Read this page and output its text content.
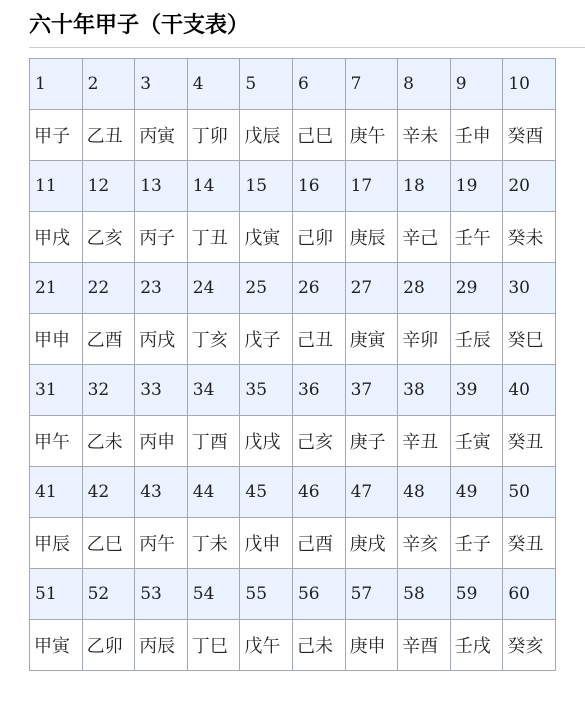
六十年甲子（干支表）
1	2	3	4	5	6	7	8	9	10
甲子	乙丑	丙寅	丁卯	戊辰	己巳	庚午	辛未	壬申	癸酉
11	12	13	14	15	16	17	18	19	20
甲戌	乙亥	丙子	丁丑	戊寅	己卯	庚辰	辛己	壬午	癸未
21	22	23	24	25	26	27	28	29	30
甲申	乙酉	丙戌	丁亥	戊子	己丑	庚寅	辛卯	壬辰	癸巳
31	32	33	34	35	36	37	38	39	40
甲午	乙未	丙申	丁酉	戊戌	己亥	庚子	辛丑	壬寅	癸丑
41	42	43	44	45	46	47	48	49	50
甲辰	乙巳	丙午	丁未	戊申	己酉	庚戌	辛亥	壬子	癸丑
51	52	53	54	55	56	57	58	59	60
甲寅	乙卯	丙辰	丁巳	戊午	己未	庚申	辛酉	壬戌	癸亥
